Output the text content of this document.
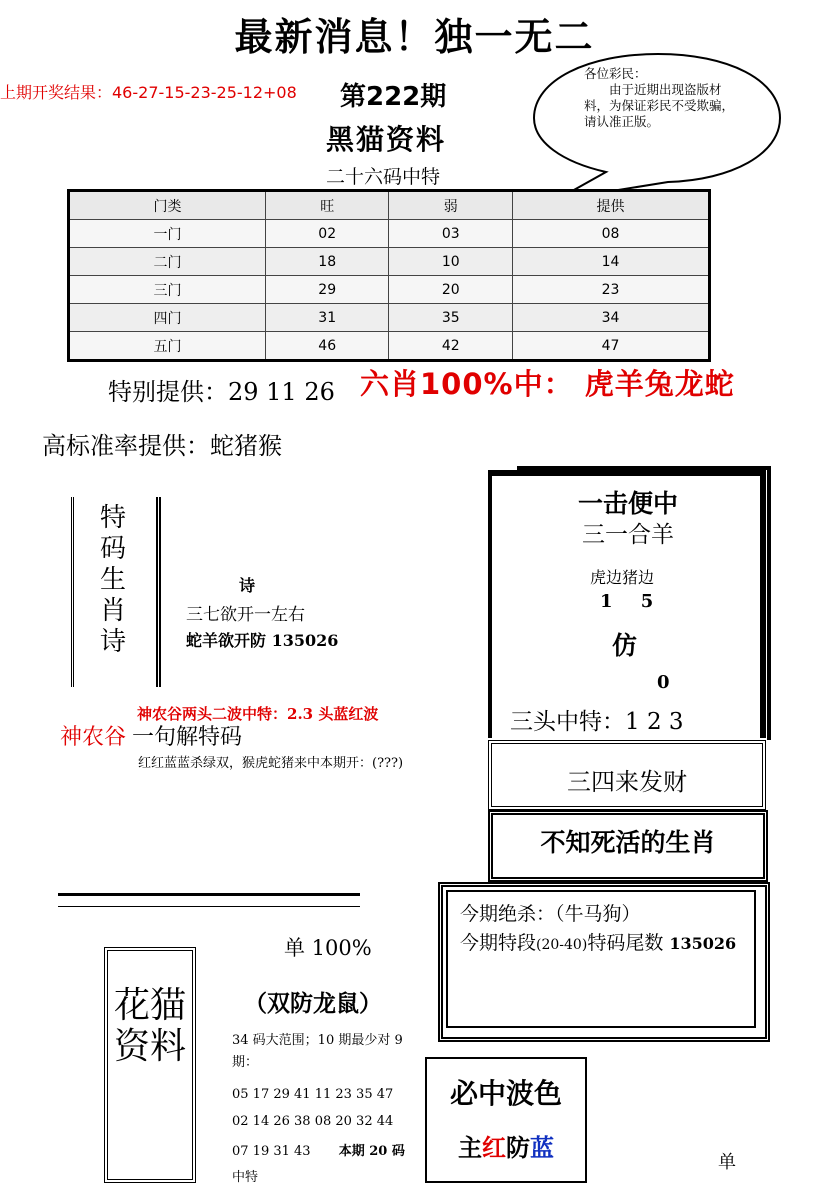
最新消息！独一无二
上期开奖结果：46-27-15-23-25-12+08 第222期
黑猫资料
二十六码中特
各位彩民：
由于近期出现盗版材料，为保证彩民不受欺骗，请认准正版。
门类	旺	弱	提供
一门	02	03	08
二门	18	10	14
三门	29	20	23
四门	31	35	34
五门	46	42	47
特别提供：29 11 26 六肖100%中： 虎羊兔龙蛇
高标准率提供：蛇猪猴
特码生肖诗
诗
三七欲开一左右
蛇羊欲开防 135026
神农谷两头二波中特：2.3 头蓝红波
神农谷 一句解特码
红红蓝蓝杀绿双，猴虎蛇猪来中本期开：(???)
一击便中
三一合羊
虎边猪边
1 5
仿
0
三头中特：1 2 3
三四来发财
不知死活的生肖
今期绝杀：（牛马狗）
今期特段(20-40)特码尾数 135026
花猫资料
单 100%
（双防龙鼠）
34 码大范围；10 期最少对 9 期：
05 17 29 41 11 23 35 47
02 14 26 38 08 20 32 44
07 19 31 43 本期 20 码
中特
必中波色
主红防蓝
单
